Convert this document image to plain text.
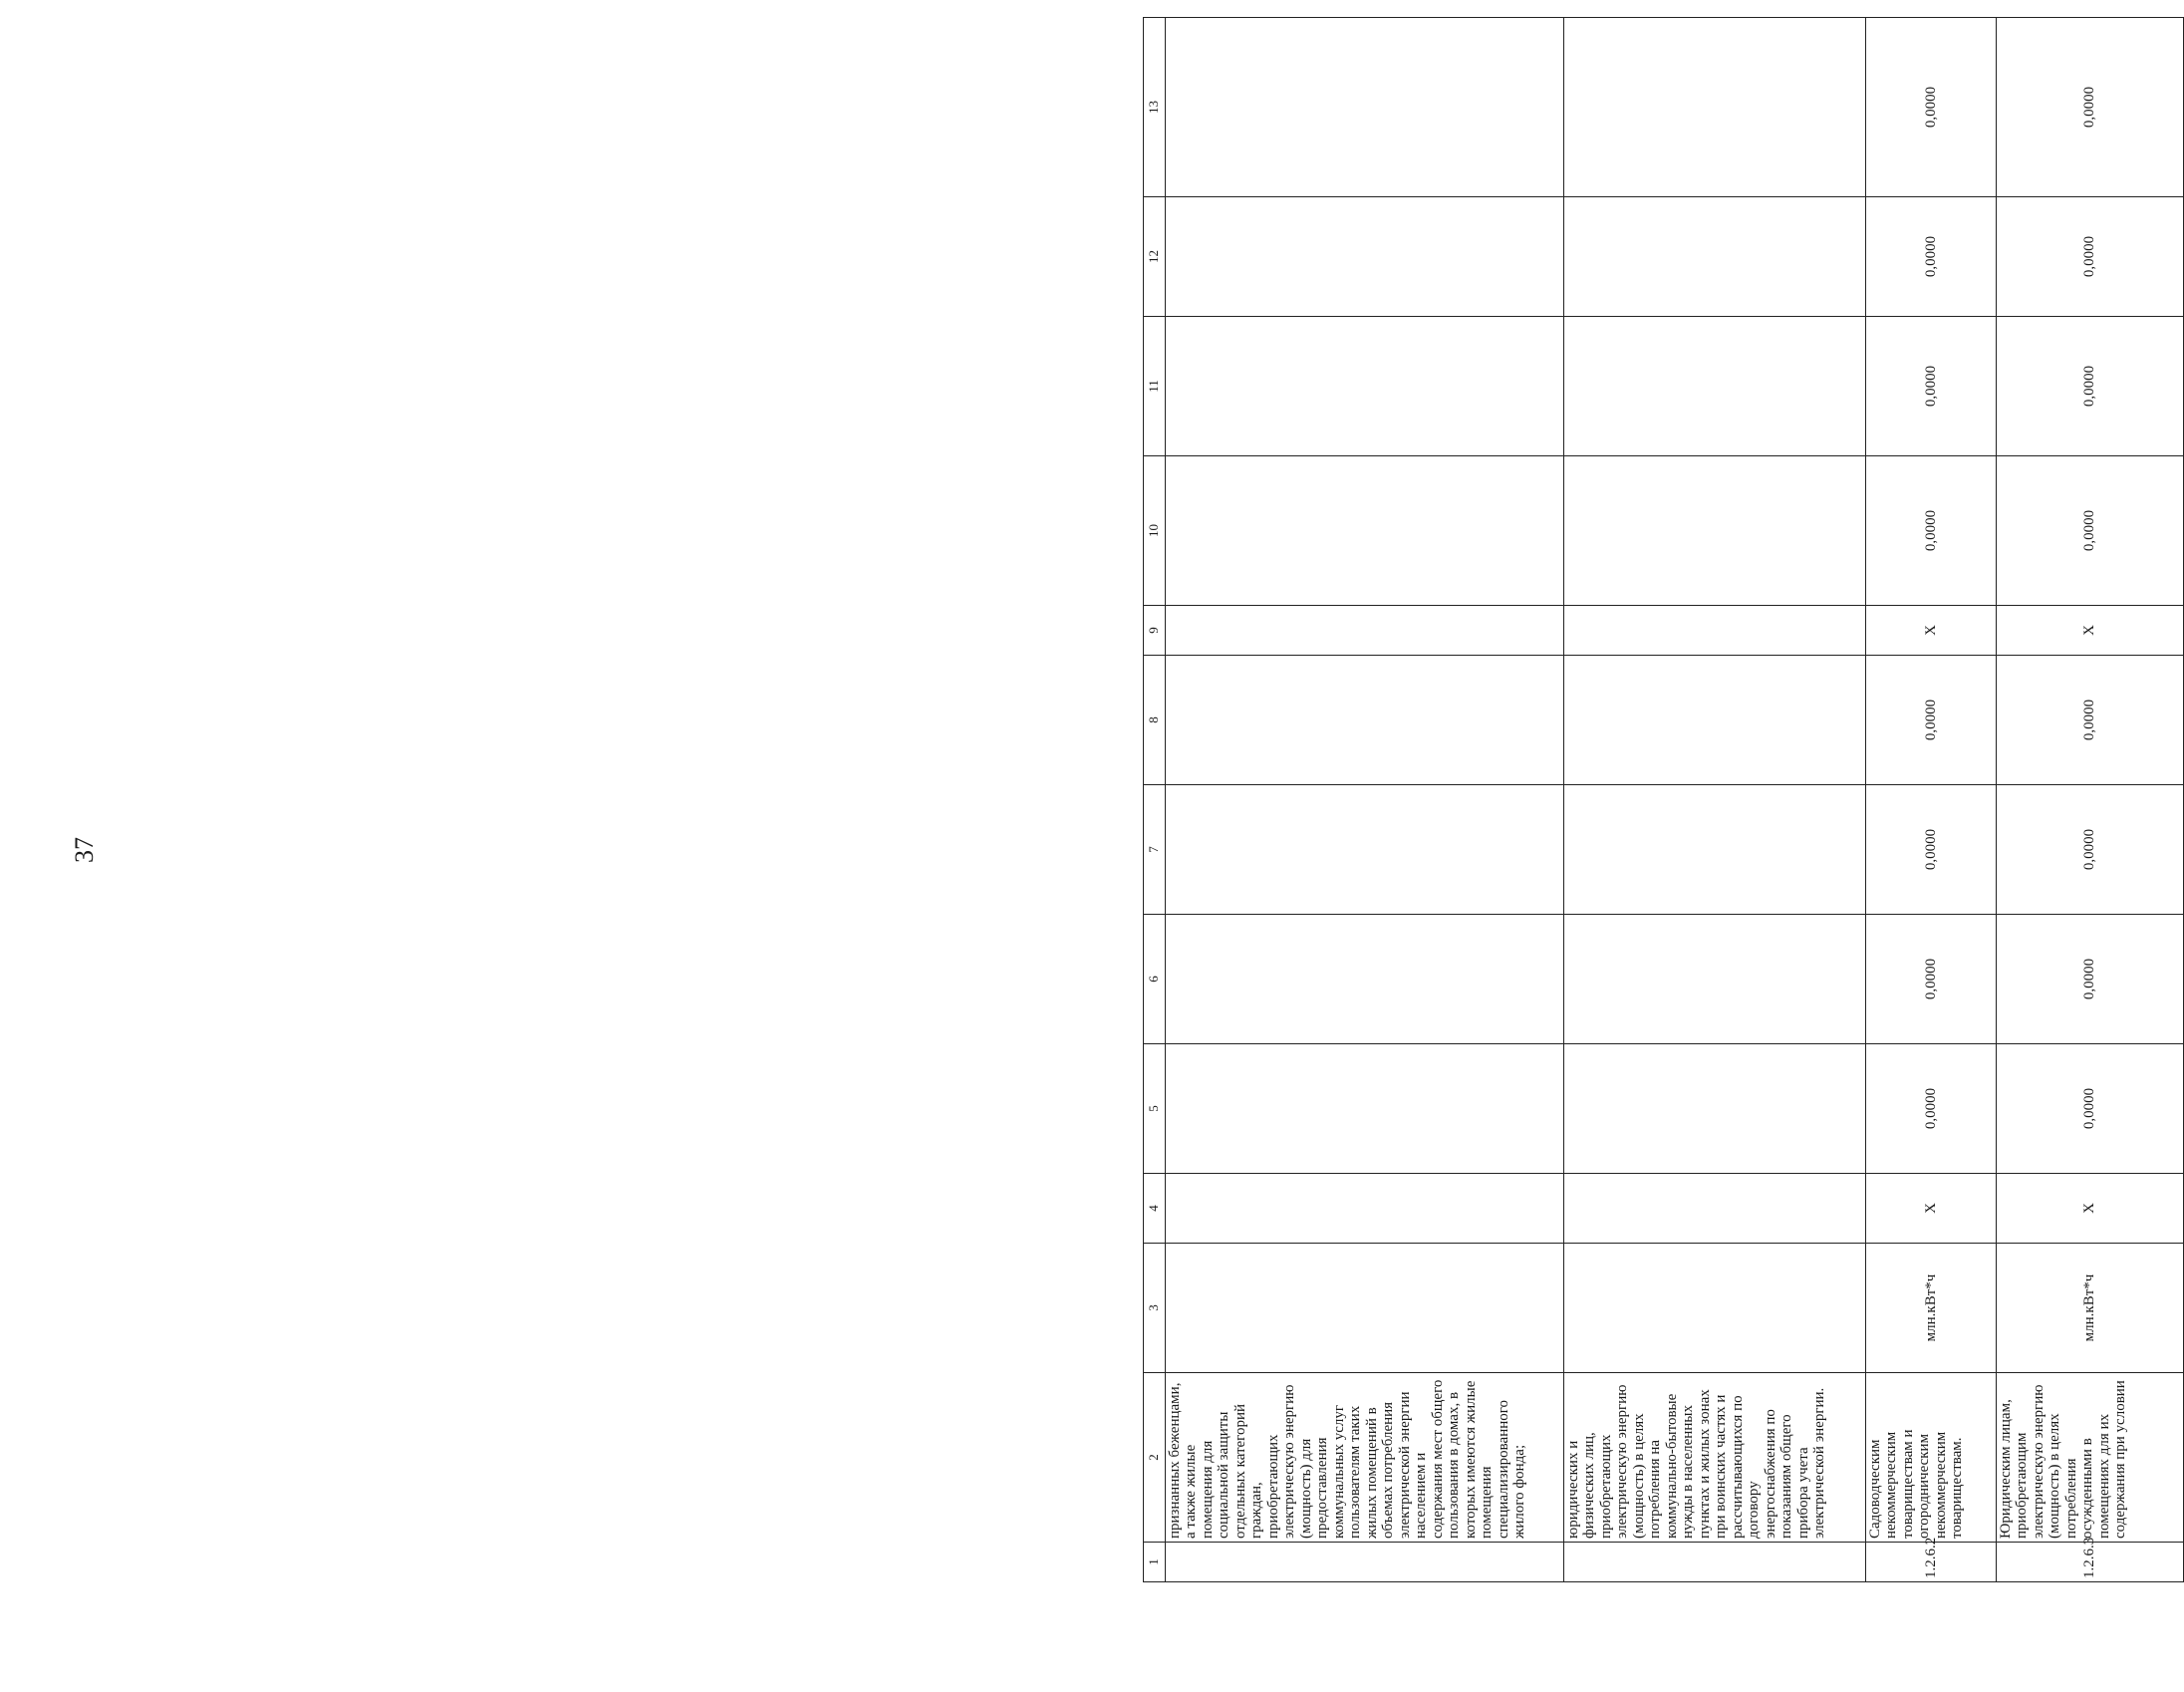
37
1	2	3	4	5	6	7	8	9	10	11	12	13
	признанных беженцами, а также жилые помещения для социальной защиты отдельных категорий граждан, приобретающих электрическую энергию (мощность) для предоставления коммунальных услуг пользователям таких жилых помещений в объемах потребления электрической энергии населением и содержания мест общего пользования в домах, в которых имеются жилые помещения специализированного жилого фонда;											
	юридических и физических лиц, приобретающих электрическую энергию (мощность) в целях потребления на коммунально-бытовые нужды в населенных пунктах и жилых зонах при воинских частях и рассчитывающихся по договору энергоснабжения по показаниям общего прибора учета электрической энергии.											
1.2.6.2	Садоводческим некоммерческим товариществам и огородническим некоммерческим товариществам.	млн.кВт*ч	Х	0,0000	0,0000	0,0000	0,0000	Х	0,0000	0,0000	0,0000	0,0000
1.2.6.3	Юридическим лицам, приобретающим электрическую энергию (мощность) в целях потребления осужденными в помещениях для их содержания при условии	млн.кВт*ч	Х	0,0000	0,0000	0,0000	0,0000	Х	0,0000	0,0000	0,0000	0,0000
